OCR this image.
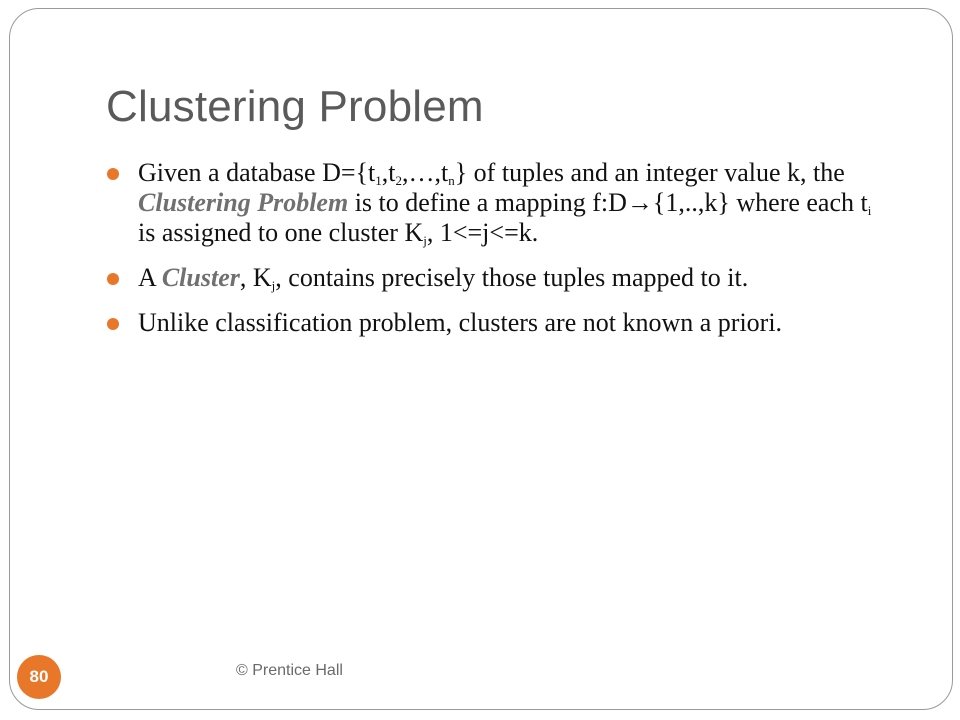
Clustering Problem
Given a database $D=\{t_1,t_2,\dots,t_n\}$ of tuples and an integer value k, the Clustering Problem is to define a mapping f:D→{1,..,k} where each $t_i$ is assigned to one cluster $K_j$, 1<=j<=k.
A Cluster, $K_j$, contains precisely those tuples mapped to it.
Unlike classification problem, clusters are not known a priori.
80	© Prentice Hall
